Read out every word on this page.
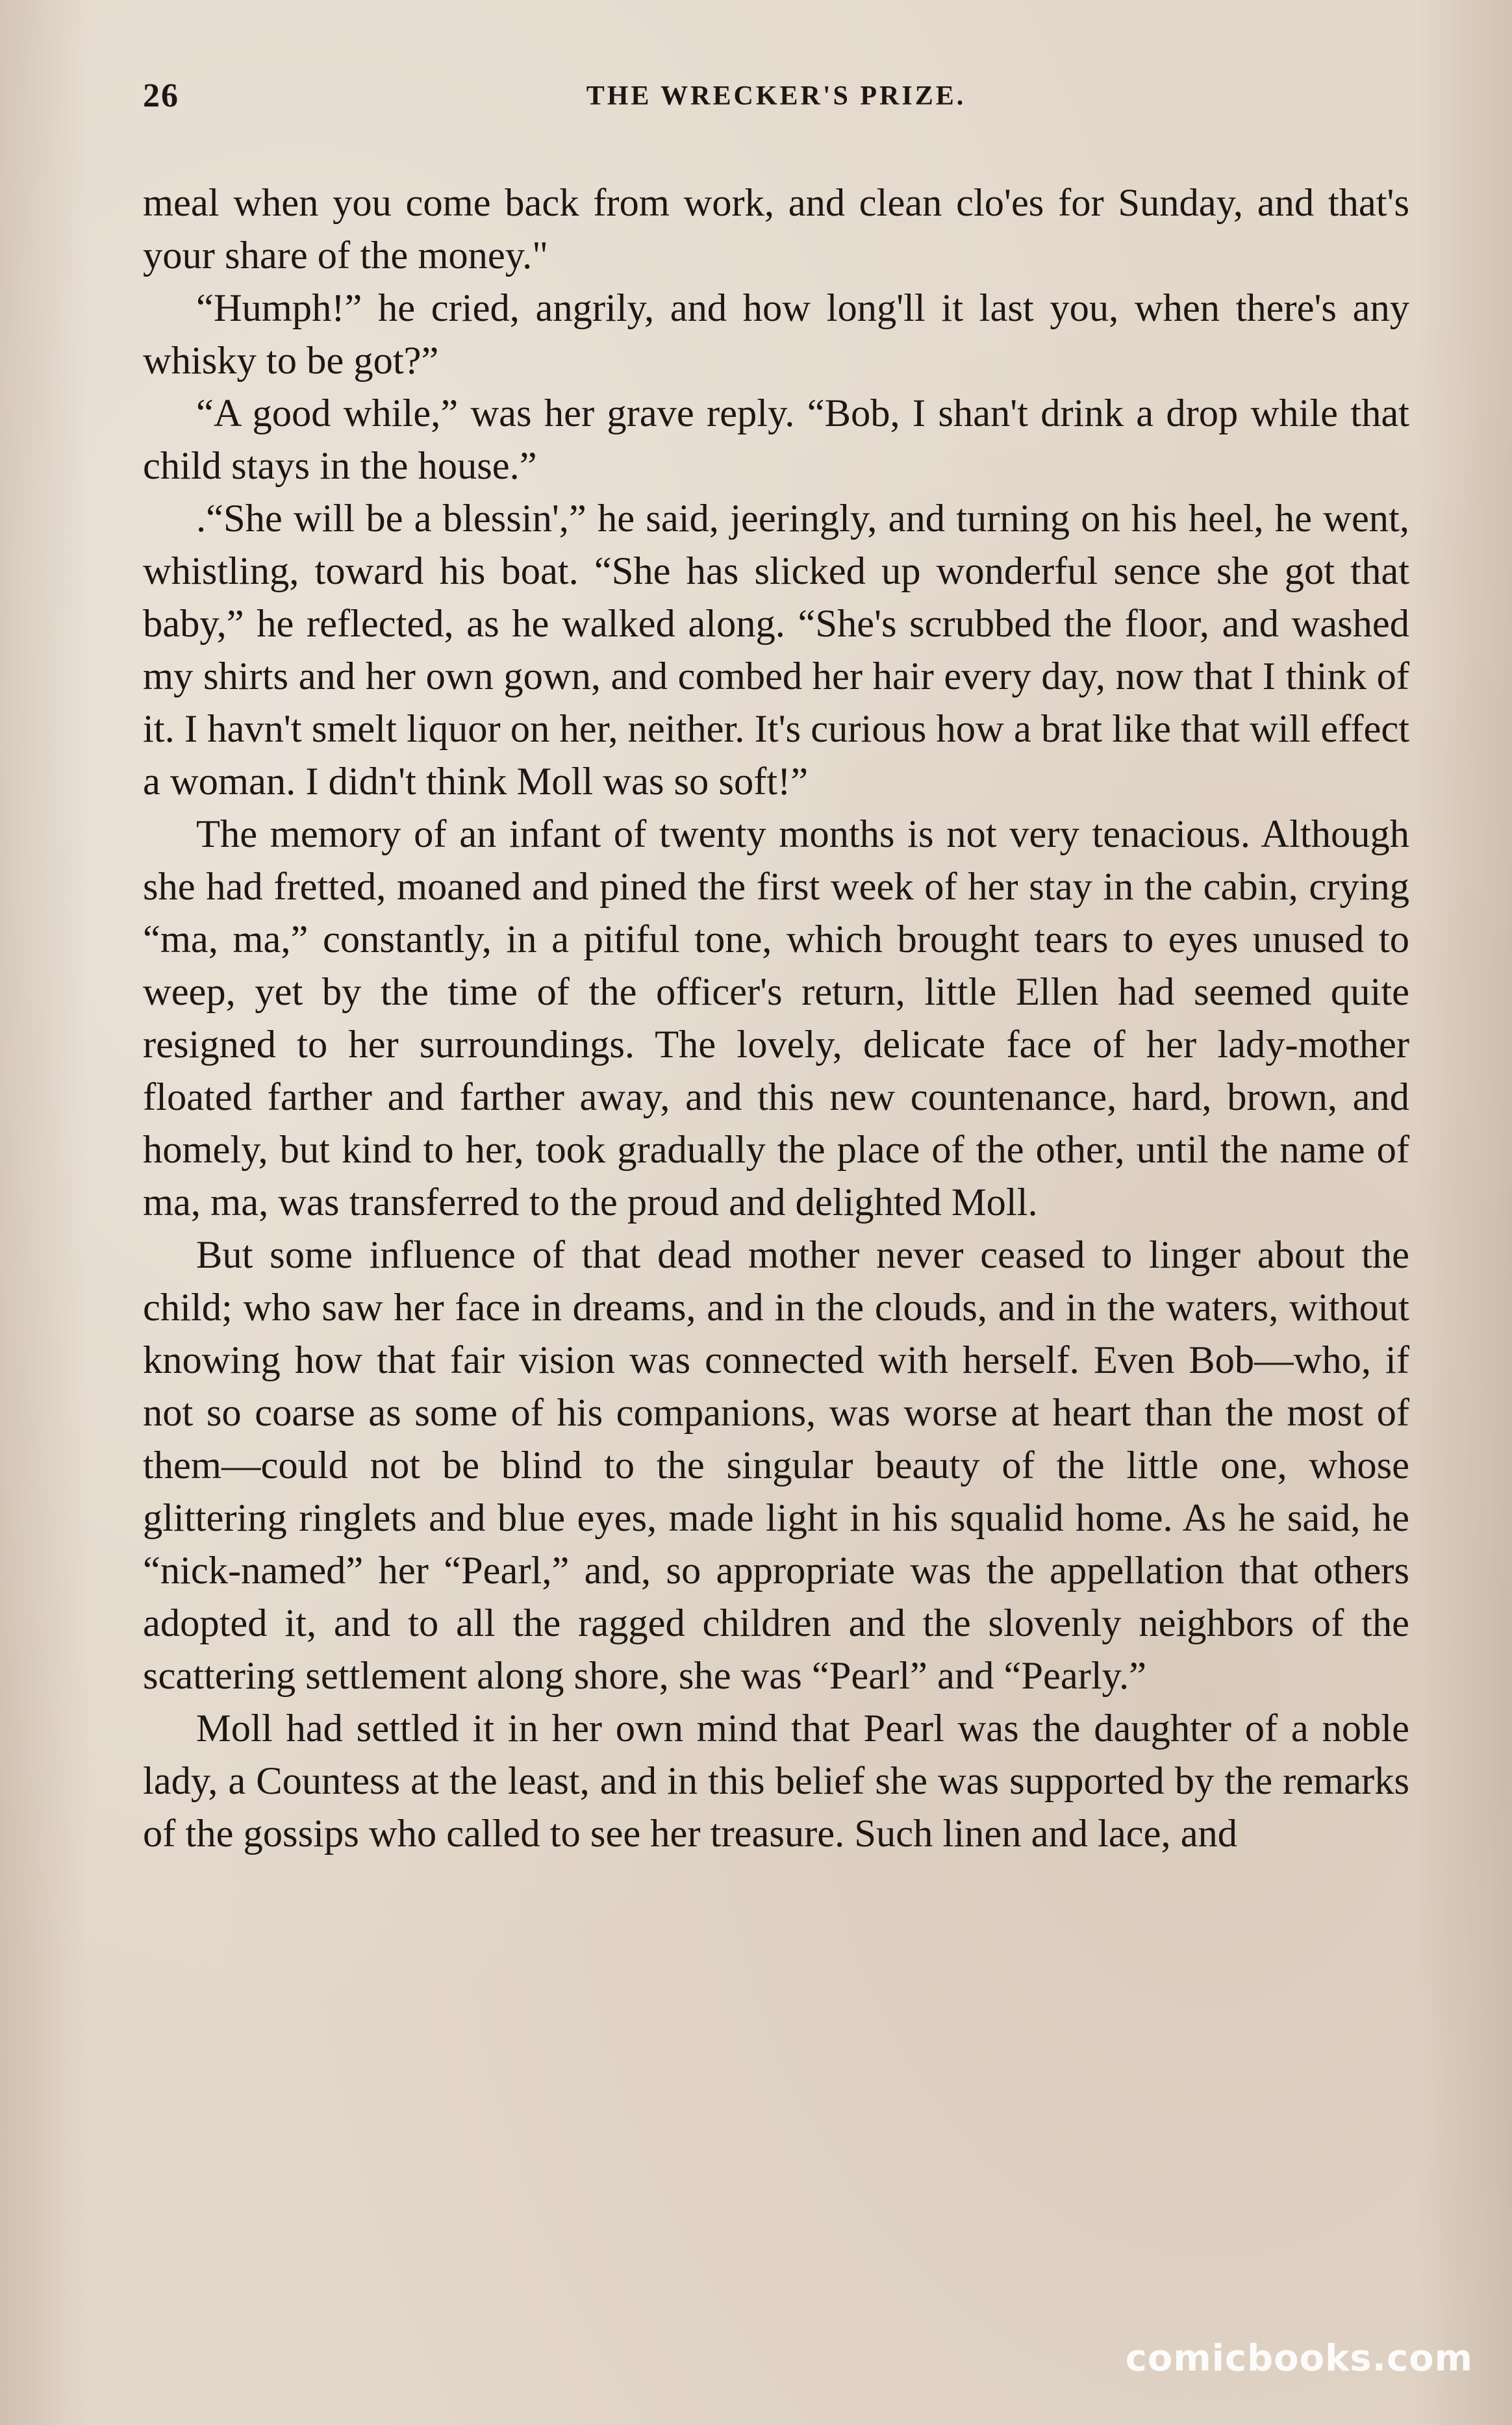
26	THE WRECKER'S PRIZE.

meal when you come back from work, and clean clo'es for Sunday, and that's your share of the money."

“Humph!” he cried, angrily, and how long'll it last you, when there's any whisky to be got?”

“A good while,” was her grave reply. “Bob, I shan't drink a drop while that child stays in the house.”

.“She will be a blessin',” he said, jeeringly, and turning on his heel, he went, whistling, toward his boat. “She has slicked up wonderful sence she got that baby,” he reflected, as he walked along. “She's scrubbed the floor, and washed my shirts and her own gown, and combed her hair every day, now that I think of it. I havn't smelt liquor on her, neither. It's curious how a brat like that will effect a woman. I didn't think Moll was so soft!”

The memory of an infant of twenty months is not very tenacious. Although she had fretted, moaned and pined the first week of her stay in the cabin, crying “ma, ma,” constantly, in a pitiful tone, which brought tears to eyes unused to weep, yet by the time of the officer's return, little Ellen had seemed quite resigned to her surroundings. The lovely, delicate face of her lady-mother floated farther and farther away, and this new countenance, hard, brown, and homely, but kind to her, took gradually the place of the other, until the name of ma, ma, was transferred to the proud and delighted Moll.

But some influence of that dead mother never ceased to linger about the child; who saw her face in dreams, and in the clouds, and in the waters, without knowing how that fair vision was connected with herself. Even Bob—who, if not so coarse as some of his companions, was worse at heart than the most of them—could not be blind to the singular beauty of the little one, whose glittering ringlets and blue eyes, made light in his squalid home. As he said, he “nick-named” her “Pearl,” and, so appropriate was the appellation that others adopted it, and to all the ragged children and the slovenly neighbors of the scattering settlement along shore, she was “Pearl” and “Pearly.”

Moll had settled it in her own mind that Pearl was the daughter of a noble lady, a Countess at the least, and in this belief she was supported by the remarks of the gossips who called to see her treasure. Such linen and lace, and

comicbooks.com
